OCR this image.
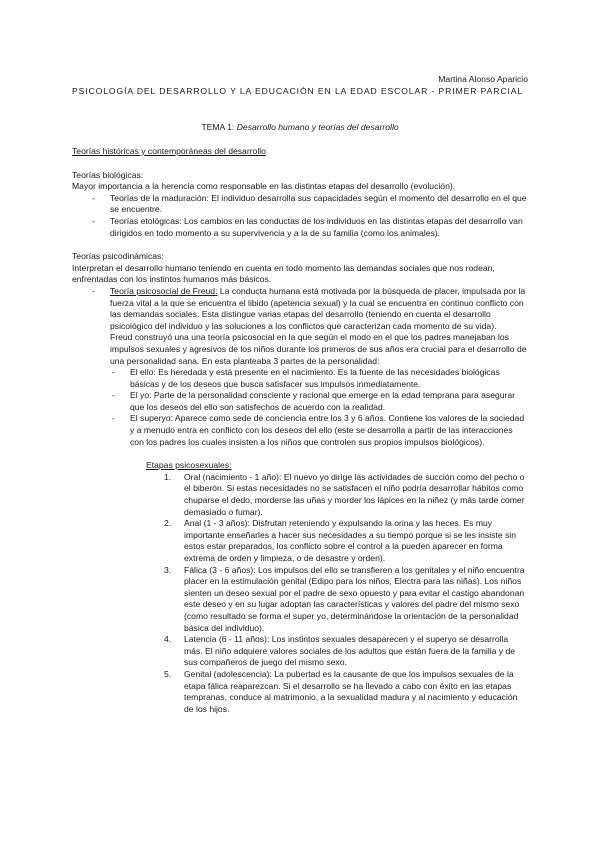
Martina Alonso Aparicio
PSICOLOGÍA DEL DESARROLLO Y LA EDUCACIÓN EN LA EDAD ESCOLAR - PRIMER PARCIAL
TEMA 1: Desarrollo humano y teorías del desarrollo

Teorías históricas y contemporáneas del desarrollo

Teorías biológicas:

Mayor importancia a la herencia como responsable en las distintas etapas del desarrollo (evolución).

- Teorías de la maduración: El individuo desarrolla sus capacidades según el momento del desarrollo en el que se encuentre.
- Teorías etológicas: Los cambios en las conductas de los individuos en las distintas etapas del desarrollo van dirigidos en todo momento a su supervivencia y a la de su familia (como los animales).

Teorías psicodinámicas:

Interpretan el desarrollo humano teniendo en cuenta en todo momento las demandas sociales que nos rodean, enfrentadas con los instintos humanos más básicos.

- Teoría psicosocial de Freud: La conducta humana está motivada por la búsqueda de placer, impulsada por la fuerza vital a la que se encuentra el libido (apetencia sexual) y la cual se encuentra en continuo conflicto con las demandas sociales. Esta distingue varias etapas del desarrollo (teniendo en cuenta el desarrollo psicológico del individuo y las soluciones a los conflictos que caracterizan cada momento de su vida).

Freud construyó una una teoría psicosocial en la que según el modo en el que los padres manejaban los impulsos sexuales y agresivos de los niños durante los primeros de sus años era crucial para el desarrollo de una personalidad sana. En esta planteaba 3 partes de la personalidad:

- El ello: Es heredada y está presente en el nacimiento. Es la fuente de las necesidades biológicas básicas y de los deseos que busca satisfacer sus impulsos inmediatamente.
- El yo: Parte de la personalidad consciente y racional que emerge en la edad temprana para asegurar que los deseos del ello son satisfechos de acuerdo con la realidad.
- El superyo: Aparece como sede de conciencia entre los 3 y 6 años. Contiene los valores de la sociedad y a menudo entra en conflicto con los deseos del ello (este se desarrolla a partir de las interacciones con los padres los cuales insisten a los niños que controlen sus propios impulsos biológicos).

Etapas psicosexuales:

1. Oral (nacimiento - 1 año): El nuevo yo dirige las actividades de succión como del pecho o el biberón. Si estas necesidades no se satisfacen el niño podría desarrollar hábitos como chuparse el dedo, morderse las uñas y morder los lápices en la niñez (y más tarde comer demasiado o fumar).
2. Anal (1 - 3 años): Disfrutan reteniendo y expulsando la orina y las heces. Es muy importante enseñarles a hacer sus necesidades a su tiempo porque si se les insiste sin estos estar preparados, los conflicto sobre el control a la pueden aparecer en forma extrema de orden y limpieza, o de desastre y orden).
3. Fálica (3 - 6 años): Los impulsos del ello se transfieren a los genitales y el niño encuentra placer en la estimulación genital (Edipo para los niños, Electra para las niñas). Los niños sienten un deseo sexual por el padre de sexo opuesto y para evitar el castigo abandonan este deseo y en su lugar adoptan las características y valores del padre del mismo sexo (como resultado se forma el super yo, determinándose la orientación de la personalidad básica del individuo).
4. Latencia (6 - 11 años): Los instintos sexuales desaparecen y el superyo se desarrolla más. El niño adquiere valores sociales de los adultos que están fuera de la familia y de sus compañeros de juego del mismo sexo.
5. Genital (adolescencia): La pubertad es la causante de que los impulsos sexuales de la etapa fálica reaparezcan. Si el desarrollo se ha llevado a cabo con éxito en las etapas tempranas, conduce al matrimonio, a la sexualidad madura y al nacimiento y educación de los hijos.
